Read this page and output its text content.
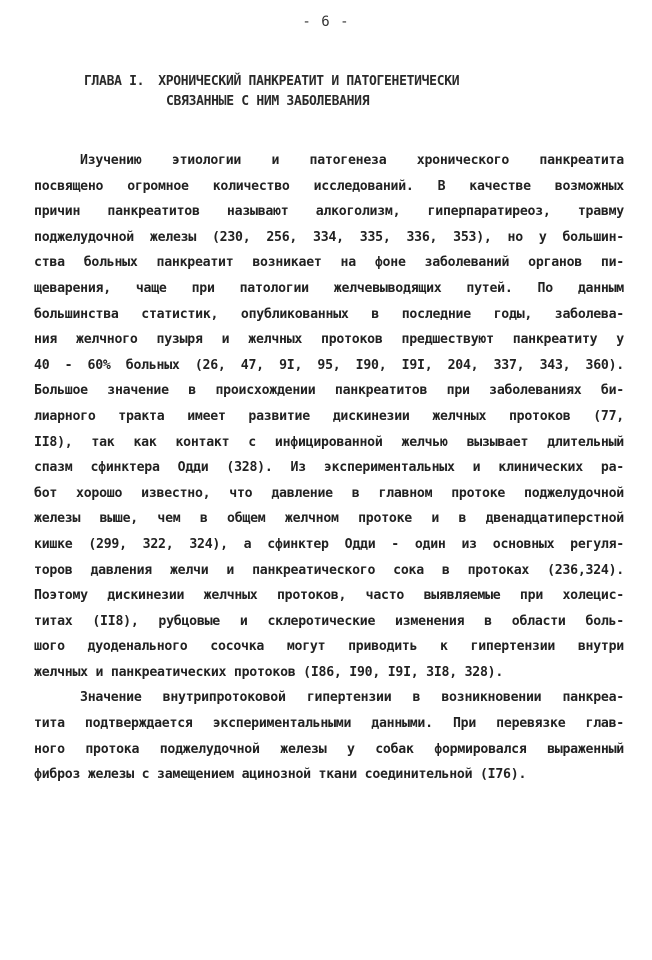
- 6 -
ГЛАВА I. ХРОНИЧЕСКИЙ ПАНКРЕАТИТ И ПАТОГЕНЕТИЧЕСКИ
СВЯЗАННЫЕ С НИМ ЗАБОЛЕВАНИЯ
Изучению этиологии и патогенеза хронического панкреатита
посвящено огромное количество исследований. В качестве возможных
причин панкреатитов называют алкоголизм, гиперпаратиреоз, травму
поджелудочной железы (230, 256, 334, 335, 336, 353), но у большин-
ства больных панкреатит возникает на фоне заболеваний органов пи-
щеварения, чаще при патологии желчевыводящих путей. По данным
большинства статистик, опубликованных в последние годы, заболева-
ния желчного пузыря и желчных протоков предшествуют панкреатиту у
40 - 60% больных (26, 47, 9I, 95, I90, I9I, 204, 337, 343, 360).
Большое значение в происхождении панкреатитов при заболеваниях би-
лиарного тракта имеет развитие дискинезии желчных протоков (77,
II8), так как контакт с инфицированной желчью вызывает длительный
спазм сфинктера Одди (328). Из экспериментальных и клинических ра-
бот хорошо известно, что давление в главном протоке поджелудочной
железы выше, чем в общем желчном протоке и в двенадцатиперстной
кишке (299, 322, 324), а сфинктер Одди - один из основных регуля-
торов давления желчи и панкреатического сока в протоках (236,324).
Поэтому дискинезии желчных протоков, часто выявляемые при холецис-
титах (II8), рубцовые и склеротические изменения в области боль-
шого дуоденального сосочка могут приводить к гипертензии внутри
желчных и панкреатических протоков (I86, I90, I9I, 3I8, 328).
Значение внутрипротоковой гипертензии в возникновении панкреа-
тита подтверждается экспериментальными данными. При перевязке глав-
ного протока поджелудочной железы у собак формировался выраженный
фиброз железы с замещением ацинозной ткани соединительной (I76).
